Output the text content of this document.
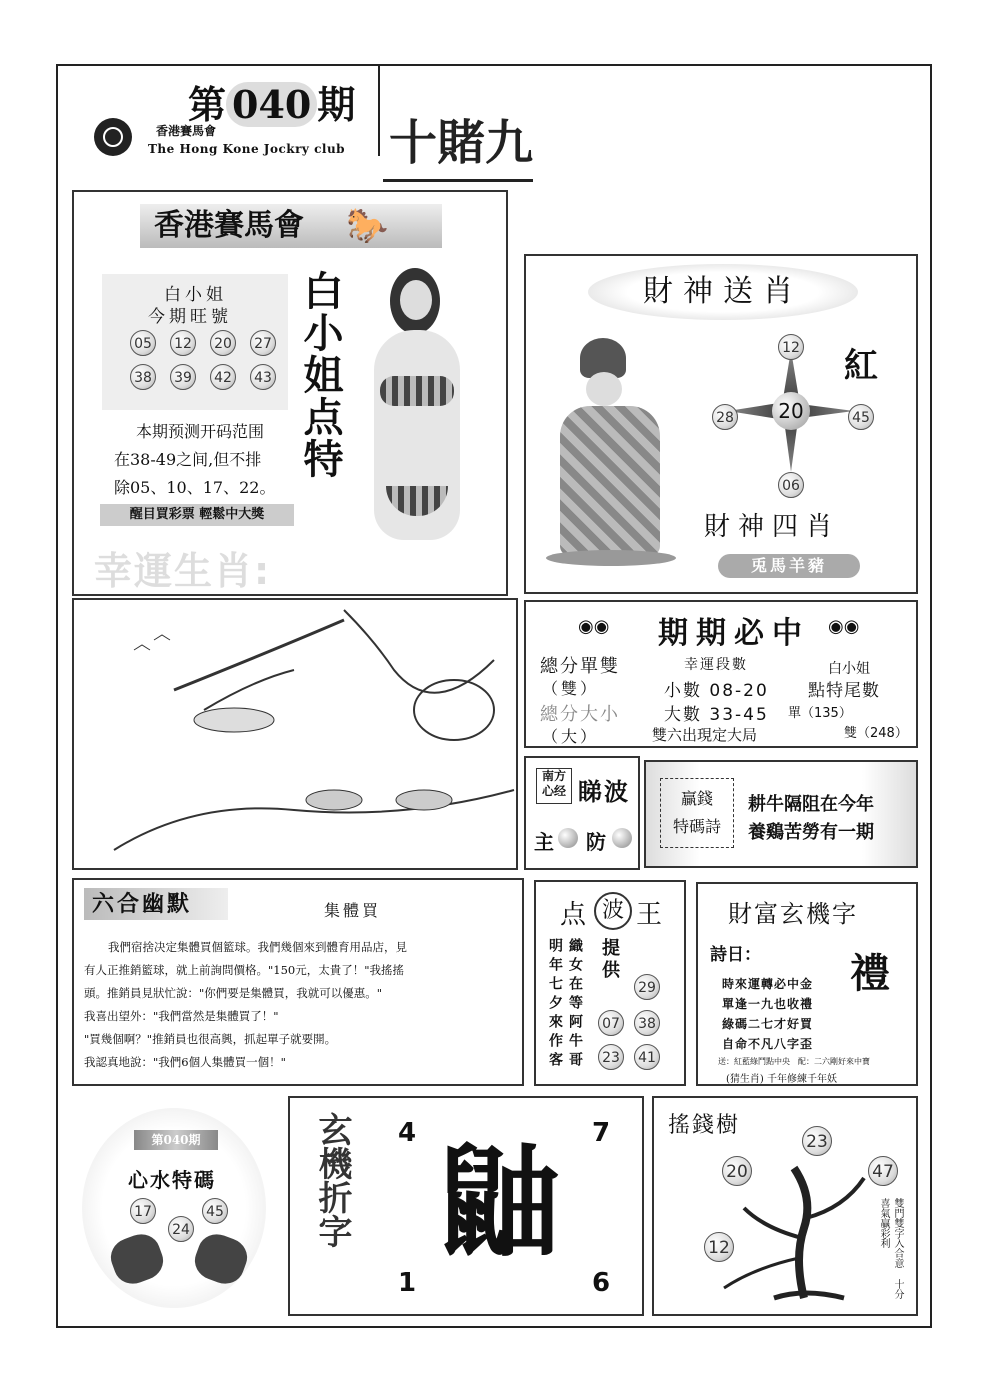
第 040 期
香港賽馬會
The Hong Kone Jockry club 十賭九
香港賽馬會	🐎
白小姐
今期旺號
05 12 20 27
38 39 42 43 白小姐点特
本期预测开码范围
在38-49之间,但不排
除05、10、17、22。
醒目買彩票 輕鬆中大獎
幸運生肖:
財神送肖
20
12
28	45
06
紅
財神四肖
兎馬羊豬
◉◉ 期期必中 ◉◉
總分單雙	幸運段數	白小姐
（雙）	小數 08-20 點特尾數
總分大小	大數 33-45 單（135）
（大）	雙六出現定大局	雙（248）
南方心经 睇波
主 防
贏錢
特碼詩
耕牛隔阻在今年
養鷄苦勞有一期
六合幽默	集體買
我們宿捨决定集體買個籃球。我們幾個來到體育用品店，見
有人正推銷籃球，就上前詢問價格。"150元，太貴了！"我搖搖
頭。推銷員見狀忙說："你們要是集體買，我就可以優惠。"
我喜出望外："我們當然是集體買了！"
"買幾個啊？"推銷員也很高興，抓起單子就要開。
我認真地說："我們6個人集體買一個！"
点 波 王
明年七夕來作客 織女在等阿牛哥 提供
29
07 38
23 41
財富玄機字
詩日： 禮
時來運轉必中金
單逢一九也收禮
綠碼二七才好買
自命不凡八字歪
送：紅藍綠鬥點中央　配：二六剛好來中寶
(猜生肖) 千年修練千年妖
第040期
心水特碼
17
24
45	玄機折字 4	7
1	6
鼬
搖錢樹
23
20	47
12	雙門雙字入合意 十分喜氣贏彩利
